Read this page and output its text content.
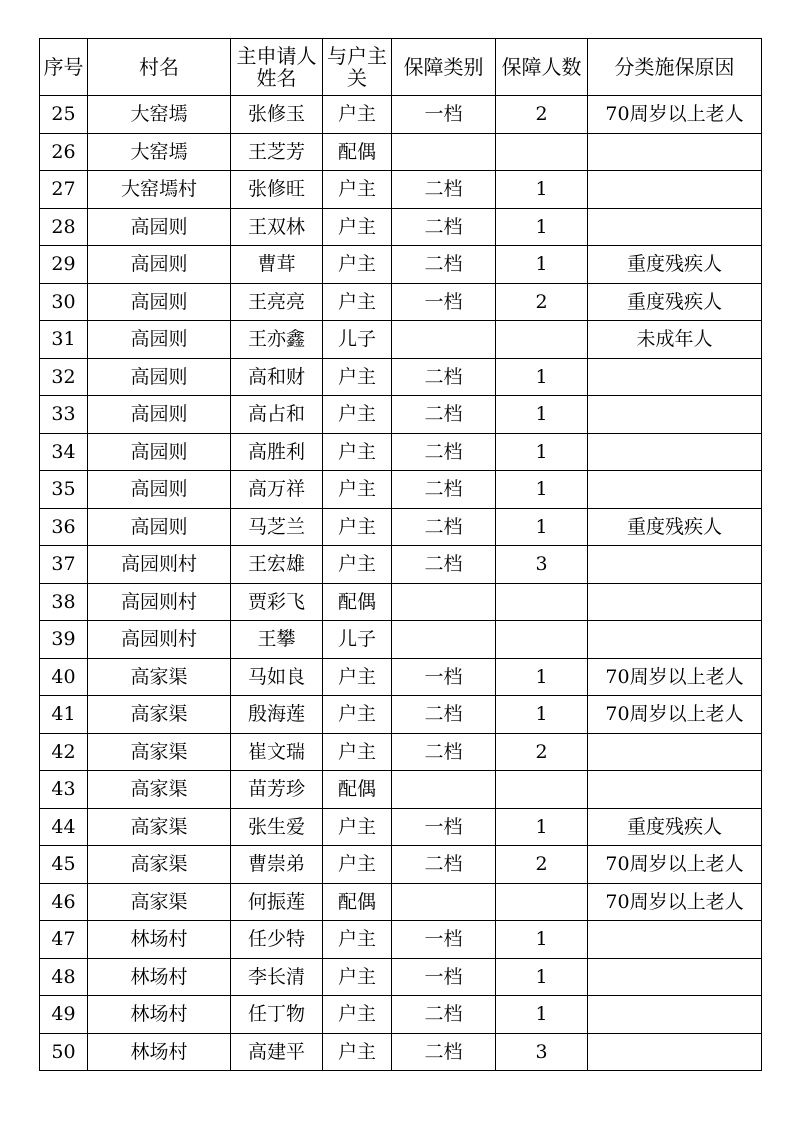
序号	村名	主申请人姓名	与户主关	保障类别	保障人数	分类施保原因
25	大窑墕	张修玉	户主	一档	2	70周岁以上老人
26	大窑墕	王芝芳	配偶			
27	大窑墕村	张修旺	户主	二档	1	
28	高园则	王双林	户主	二档	1	
29	高园则	曹茸	户主	二档	1	重度残疾人
30	高园则	王亮亮	户主	一档	2	重度残疾人
31	高园则	王亦鑫	儿子			未成年人
32	高园则	高和财	户主	二档	1	
33	高园则	高占和	户主	二档	1	
34	高园则	高胜利	户主	二档	1	
35	高园则	高万祥	户主	二档	1	
36	高园则	马芝兰	户主	二档	1	重度残疾人
37	高园则村	王宏雄	户主	二档	3	
38	高园则村	贾彩飞	配偶			
39	高园则村	王攀	儿子			
40	高家渠	马如良	户主	一档	1	70周岁以上老人
41	高家渠	殷海莲	户主	二档	1	70周岁以上老人
42	高家渠	崔文瑞	户主	二档	2	
43	高家渠	苗芳珍	配偶			
44	高家渠	张生爱	户主	一档	1	重度残疾人
45	高家渠	曹崇弟	户主	二档	2	70周岁以上老人
46	高家渠	何振莲	配偶			70周岁以上老人
47	林场村	任少特	户主	一档	1	
48	林场村	李长清	户主	一档	1	
49	林场村	任丁物	户主	二档	1	
50	林场村	高建平	户主	二档	3	
